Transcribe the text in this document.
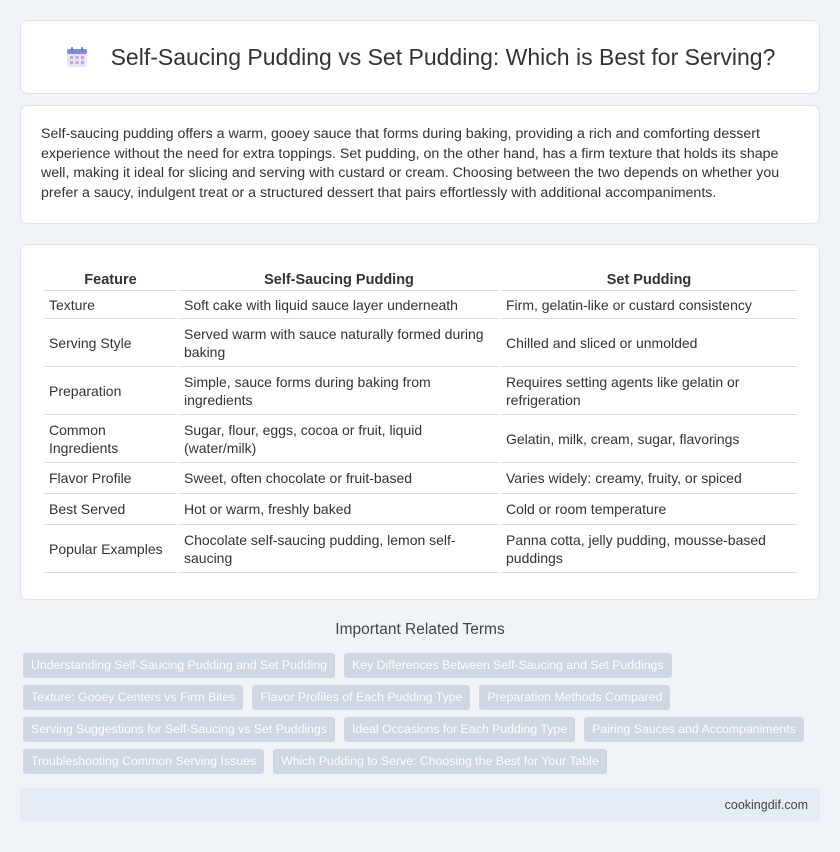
Self-Saucing Pudding vs Set Pudding: Which is Best for Serving?

Self-saucing pudding offers a warm, gooey sauce that forms during baking, providing a rich and comforting dessert experience without the need for extra toppings. Set pudding, on the other hand, has a firm texture that holds its shape well, making it ideal for slicing and serving with custard or cream. Choosing between the two depends on whether you prefer a saucy, indulgent treat or a structured dessert that pairs effortlessly with additional accompaniments.

Feature	Self-Saucing Pudding	Set Pudding
Texture	Soft cake with liquid sauce layer underneath	Firm, gelatin-like or custard consistency
Serving Style	Served warm with sauce naturally formed during baking	Chilled and sliced or unmolded
Preparation	Simple, sauce forms during baking from ingredients	Requires setting agents like gelatin or refrigeration
Common Ingredients	Sugar, flour, eggs, cocoa or fruit, liquid (water/milk)	Gelatin, milk, cream, sugar, flavorings
Flavor Profile	Sweet, often chocolate or fruit-based	Varies widely: creamy, fruity, or spiced
Best Served	Hot or warm, freshly baked	Cold or room temperature
Popular Examples	Chocolate self-saucing pudding, lemon self-saucing	Panna cotta, jelly pudding, mousse-based puddings
Important Related Terms
Understanding Self-Saucing Pudding and Set Pudding	Key Differences Between Self-Saucing and Set Puddings
Texture: Gooey Centers vs Firm Bites	Flavor Profiles of Each Pudding Type	Preparation Methods Compared
Serving Suggestions for Self-Saucing vs Set Puddings	Ideal Occasions for Each Pudding Type	Pairing Sauces and Accompaniments
Troubleshooting Common Serving Issues	Which Pudding to Serve: Choosing the Best for Your Table
cookingdif.com
